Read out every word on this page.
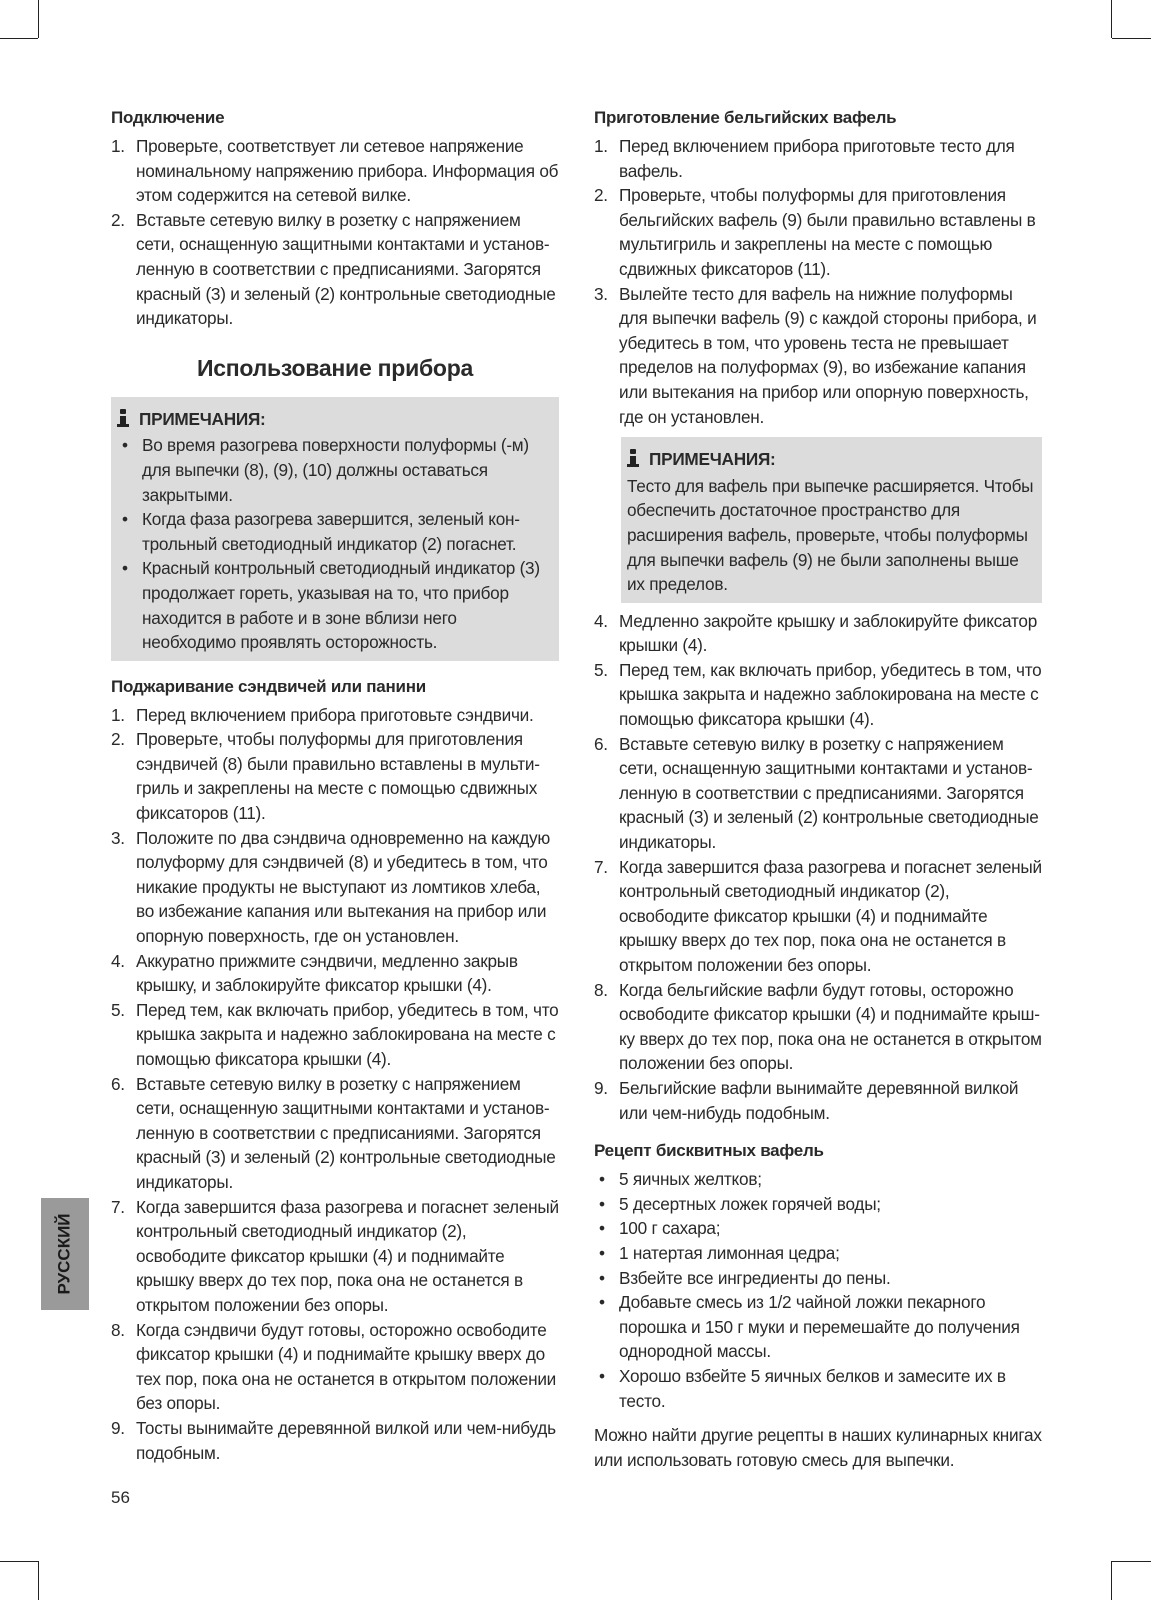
Подключение
1. Проверьте, соответствует ли сетевое напряжение номинальному напряжению прибора. Информация об этом содержится на сетевой вилке.
2. Вставьте сетевую вилку в розетку с напряжением сети, оснащенную защитными контактами и установ-ленную в соответствии с предписаниями. Загорятся красный (3) и зеленый (2) контрольные светодиодные индикаторы.
Использование прибора
ПРИМЕЧАНИЯ:
• Во время разогрева поверхности полуформы (-м) для выпечки (8), (9), (10) должны оставаться закрытыми.
• Когда фаза разогрева завершится, зеленый кон-трольный светодиодный индикатор (2) погаснет.
• Красный контрольный светодиодный индикатор (3) продолжает гореть, указывая на то, что прибор находится в работе и в зоне вблизи него необходимо проявлять осторожность.
Поджаривание сэндвичей или панини
1. Перед включением прибора приготовьте сэндвичи.
2. Проверьте, чтобы полуформы для приготовления сэндвичей (8) были правильно вставлены в мульти-гриль и закреплены на месте с помощью сдвижных фиксаторов (11).
3. Положите по два сэндвича одновременно на каждую полуформу для сэндвичей (8) и убедитесь в том, что никакие продукты не выступают из ломтиков хлеба, во избежание капания или вытекания на прибор или опорную поверхность, где он установлен.
4. Аккуратно прижмите сэндвичи, медленно закрыв крышку, и заблокируйте фиксатор крышки (4).
5. Перед тем, как включать прибор, убедитесь в том, что крышка закрыта и надежно заблокирована на месте с помощью фиксатора крышки (4).
6. Вставьте сетевую вилку в розетку с напряжением сети, оснащенную защитными контактами и установ-ленную в соответствии с предписаниями. Загорятся красный (3) и зеленый (2) контрольные светодиодные индикаторы.
7. Когда завершится фаза разогрева и погаснет зеленый контрольный светодиодный индикатор (2), освободите фиксатор крышки (4) и поднимайте крышку вверх до тех пор, пока она не останется в открытом положении без опоры.
8. Когда сэндвичи будут готовы, осторожно освободите фиксатор крышки (4) и поднимайте крышку вверх до тех пор, пока она не останется в открытом положении без опоры.
9. Тосты вынимайте деревянной вилкой или чем-нибудь подобным.
Приготовление бельгийских вафель
1. Перед включением прибора приготовьте тесто для вафель.
2. Проверьте, чтобы полуформы для приготовления бельгийских вафель (9) были правильно вставлены в мультигриль и закреплены на месте с помощью сдвижных фиксаторов (11).
3. Вылейте тесто для вафель на нижние полуформы для выпечки вафель (9) с каждой стороны прибора, и убедитесь в том, что уровень теста не превышает пределов на полуформах (9), во избежание капания или вытекания на прибор или опорную поверхность, где он установлен.
ПРИМЕЧАНИЯ:

Тесто для вафель при выпечке расширяется. Чтобы обеспечить достаточное пространство для расширения вафель, проверьте, чтобы полуформы для выпечки вафель (9) не были заполнены выше их пределов.

4. Медленно закройте крышку и заблокируйте фиксатор крышки (4).
5. Перед тем, как включать прибор, убедитесь в том, что крышка закрыта и надежно заблокирована на месте с помощью фиксатора крышки (4).
6. Вставьте сетевую вилку в розетку с напряжением сети, оснащенную защитными контактами и установ-ленную в соответствии с предписаниями. Загорятся красный (3) и зеленый (2) контрольные светодиодные индикаторы.
7. Когда завершится фаза разогрева и погаснет зеленый контрольный светодиодный индикатор (2), освободите фиксатор крышки (4) и поднимайте крышку вверх до тех пор, пока она не останется в открытом положении без опоры.
8. Когда бельгийские вафли будут готовы, осторожно освободите фиксатор крышки (4) и поднимайте крыш-ку вверх до тех пор, пока она не останется в открытом положении без опоры.
9. Бельгийские вафли вынимайте деревянной вилкой или чем-нибудь подобным.
Рецепт бисквитных вафель
• 5 яичных желтков;
• 5 десертных ложек горячей воды;
• 100 г сахара;
• 1 натертая лимонная цедра;
• Взбейте все ингредиенты до пены.
• Добавьте смесь из 1/2 чайной ложки пекарного порошка и 150 г муки и перемешайте до получения однородной массы.
• Хорошо взбейте 5 яичных белков и замесите их в тесто.

Можно найти другие рецепты в наших кулинарных книгах или использовать готовую смесь для выпечки.

56
РУССКИЙ
